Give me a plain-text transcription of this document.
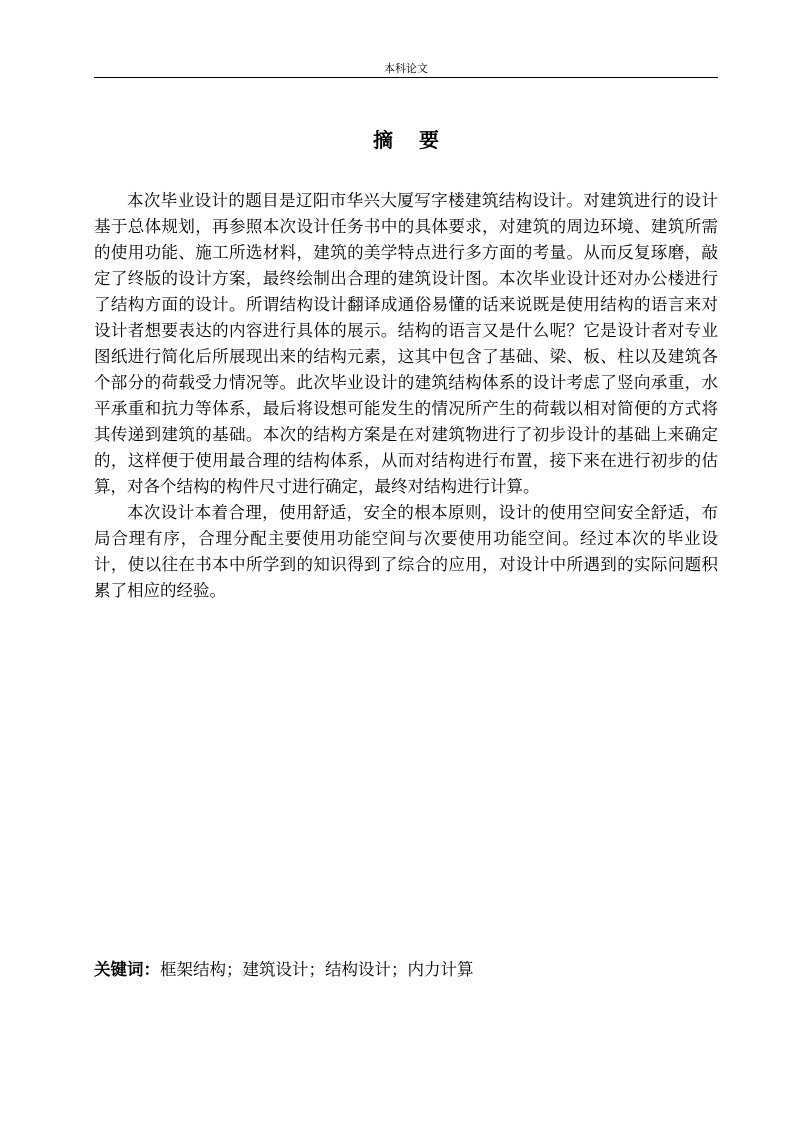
本科论文
摘要

本次毕业设计的题目是辽阳市华兴大厦写字楼建筑结构设计。对建筑进行的设计基于总体规划，再参照本次设计任务书中的具体要求，对建筑的周边环境、建筑所需的使用功能、施工所选材料，建筑的美学特点进行多方面的考量。从而反复琢磨，敲定了终版的设计方案，最终绘制出合理的建筑设计图。本次毕业设计还对办公楼进行了结构方面的设计。所谓结构设计翻译成通俗易懂的话来说既是使用结构的语言来对设计者想要表达的内容进行具体的展示。结构的语言又是什么呢？它是设计者对专业图纸进行简化后所展现出来的结构元素，这其中包含了基础、梁、板、柱以及建筑各个部分的荷载受力情况等。此次毕业设计的建筑结构体系的设计考虑了竖向承重，水平承重和抗力等体系，最后将设想可能发生的情况所产生的荷载以相对简便的方式将其传递到建筑的基础。本次的结构方案是在对建筑物进行了初步设计的基础上来确定的，这样便于使用最合理的结构体系，从而对结构进行布置，接下来在进行初步的估算，对各个结构的构件尺寸进行确定，最终对结构进行计算。

本次设计本着合理，使用舒适，安全的根本原则，设计的使用空间安全舒适，布局合理有序，合理分配主要使用功能空间与次要使用功能空间。经过本次的毕业设计，使以往在书本中所学到的知识得到了综合的应用，对设计中所遇到的实际问题积累了相应的经验。

关键词：框架结构；建筑设计；结构设计；内力计算
